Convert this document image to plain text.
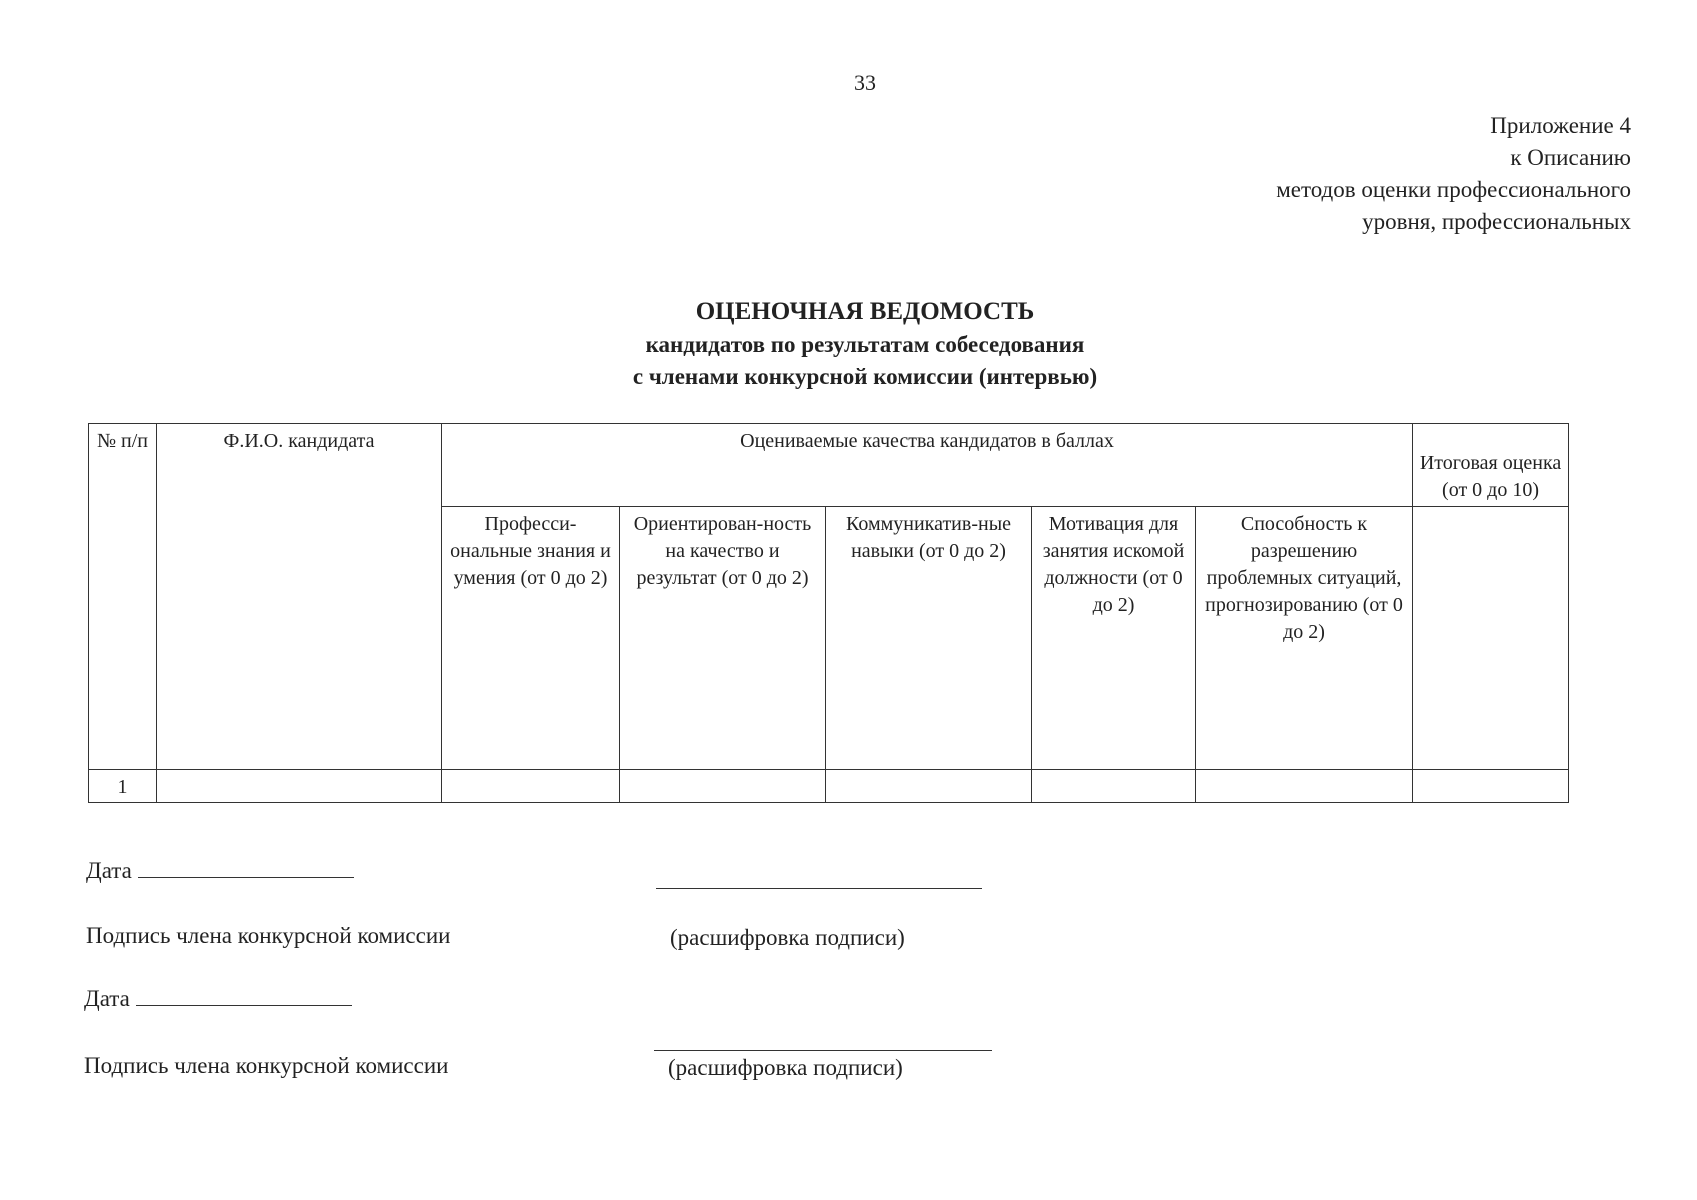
33
Приложение 4
к Описанию
методов оценки профессионального
уровня, профессиональных
ОЦЕНОЧНАЯ ВЕДОМОСТЬ
кандидатов по результатам собеседования
с членами конкурсной комиссии (интервью)
№ п/п	Ф.И.О. кандидата	Оцениваемые качества кандидатов в баллах					Итоговая оценка (от 0 до 10)
		Професси-ональные знания и умения (от 0 до 2)	Ориентирован-ность на качество и результат (от 0 до 2)	Коммуникатив-ные навыки (от 0 до 2)	Мотивация для занятия искомой должности (от 0 до 2)	Способность к разрешению проблемных ситуаций, прогнозированию (от 0 до 2)	
1							
Дата
Подпись члена конкурсной комиссии	(расшифровка подписи)
Дата
Подпись члена конкурсной комиссии	(расшифровка подписи)
